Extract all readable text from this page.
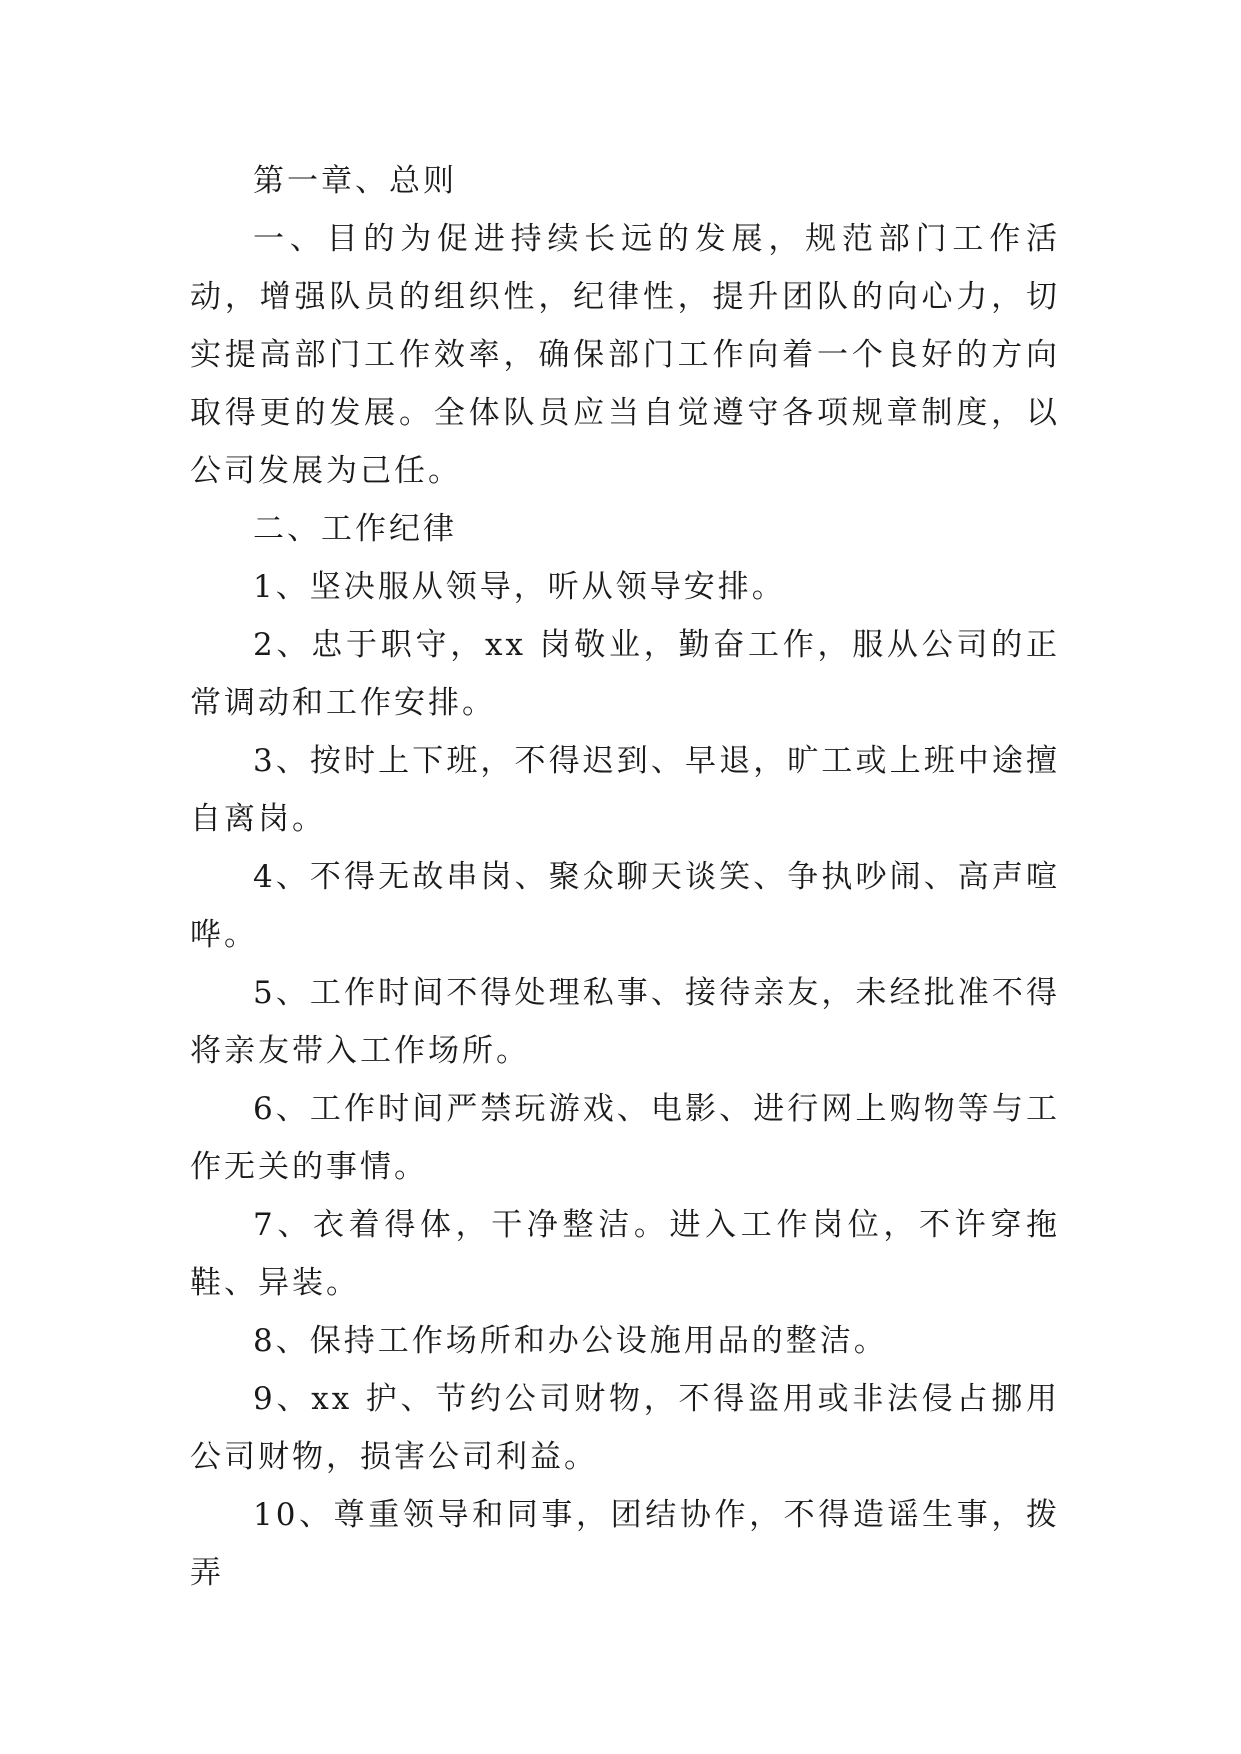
第一章、总则

一、目的为促进持续长远的发展，规范部门工作活动，增强队员的组织性，纪律性，提升团队的向心力，切实提高部门工作效率，确保部门工作向着一个良好的方向取得更的发展。全体队员应当自觉遵守各项规章制度，以公司发展为己任。

二、工作纪律

1、坚决服从领导，听从领导安排。

2、忠于职守，xx 岗敬业，勤奋工作，服从公司的正常调动和工作安排。

3、按时上下班，不得迟到、早退，旷工或上班中途擅自离岗。

4、不得无故串岗、聚众聊天谈笑、争执吵闹、高声喧哗。

5、工作时间不得处理私事、接待亲友，未经批准不得将亲友带入工作场所。

6、工作时间严禁玩游戏、电影、进行网上购物等与工作无关的事情。

7、衣着得体，干净整洁。进入工作岗位，不许穿拖鞋、异装。

8、保持工作场所和办公设施用品的整洁。

9、xx 护、节约公司财物，不得盗用或非法侵占挪用公司财物，损害公司利益。

10、尊重领导和同事，团结协作，不得造谣生事，拨弄
